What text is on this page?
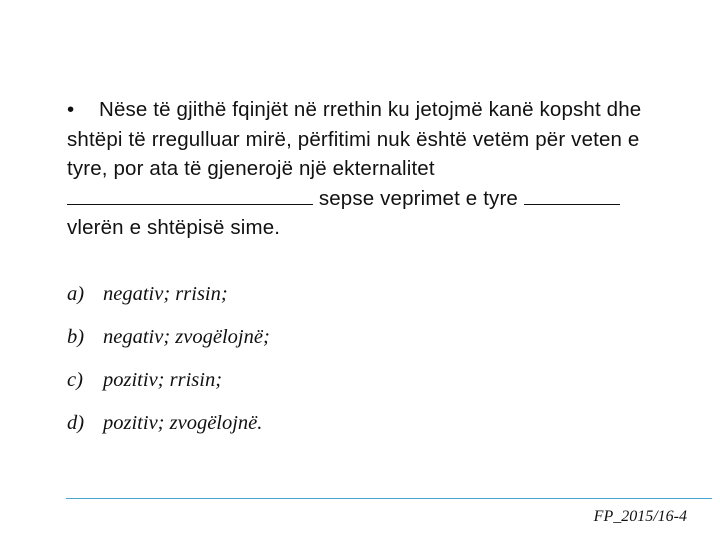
• Nëse të gjithë fqinjët në rrethin ku jetojmë kanë kopsht dhe shtëpi të rregulluar mirë, përfitimi nuk është vetëm për veten e tyre, por ata të gjenerojë një ekternalitet  sepse veprimet e tyre  vlerën e shtëpisë sime.
a) negativ; rrisin;
b) negativ; zvogëlojnë;
c) pozitiv; rrisin;
d) pozitiv; zvogëlojnë.
FP_2015/16-4
